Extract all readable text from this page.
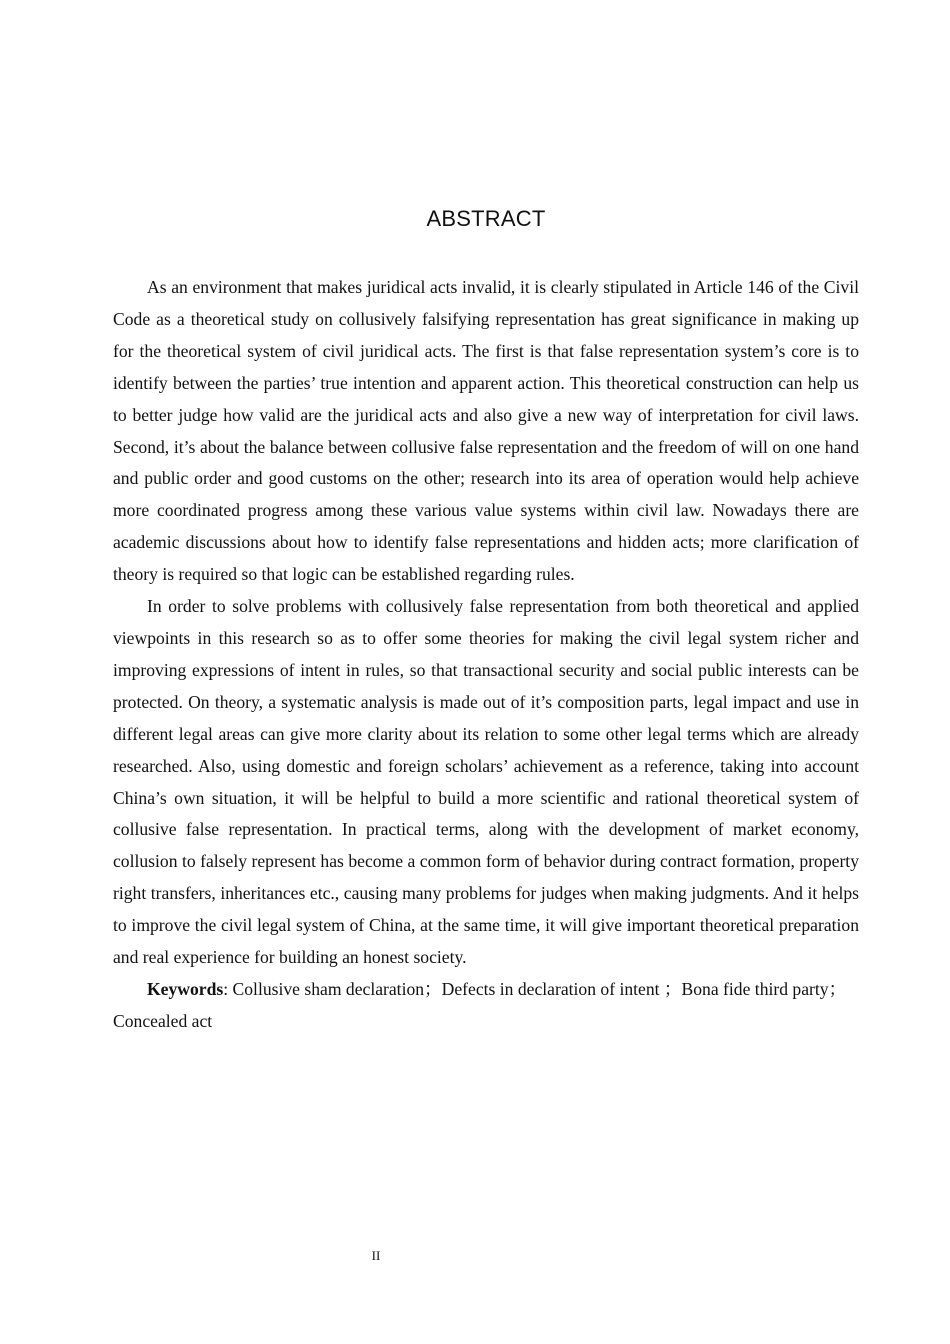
ABSTRACT

As an environment that makes juridical acts invalid, it is clearly stipulated in Article 146 of the Civil Code as a theoretical study on collusively falsifying representation has great significance in making up for the theoretical system of civil juridical acts. The first is that false representation system’s core is to identify between the parties’ true intention and apparent action. This theoretical construction can help us to better judge how valid are the juridical acts and also give a new way of interpretation for civil laws. Second, it’s about the balance between collusive false representation and the freedom of will on one hand and public order and good customs on the other; research into its area of operation would help achieve more coordinated progress among these various value systems within civil law. Nowadays there are academic discussions about how to identify false representations and hidden acts; more clarification of theory is required so that logic can be established regarding rules.

In order to solve problems with collusively false representation from both theoretical and applied viewpoints in this research so as to offer some theories for making the civil legal system richer and improving expressions of intent in rules, so that transactional security and social public interests can be protected. On theory, a systematic analysis is made out of it’s composition parts, legal impact and use in different legal areas can give more clarity about its relation to some other legal terms which are already researched. Also, using domestic and foreign scholars’ achievement as a reference, taking into account China’s own situation, it will be helpful to build a more scientific and rational theoretical system of collusive false representation. In practical terms, along with the development of market economy, collusion to falsely represent has become a common form of behavior during contract formation, property right transfers, inheritances etc., causing many problems for judges when making judgments. And it helps to improve the civil legal system of China, at the same time, it will give important theoretical preparation and real experience for building an honest society.

Keywords: Collusive sham declaration；Defects in declaration of intent ；Bona fide third party；Concealed act

II
